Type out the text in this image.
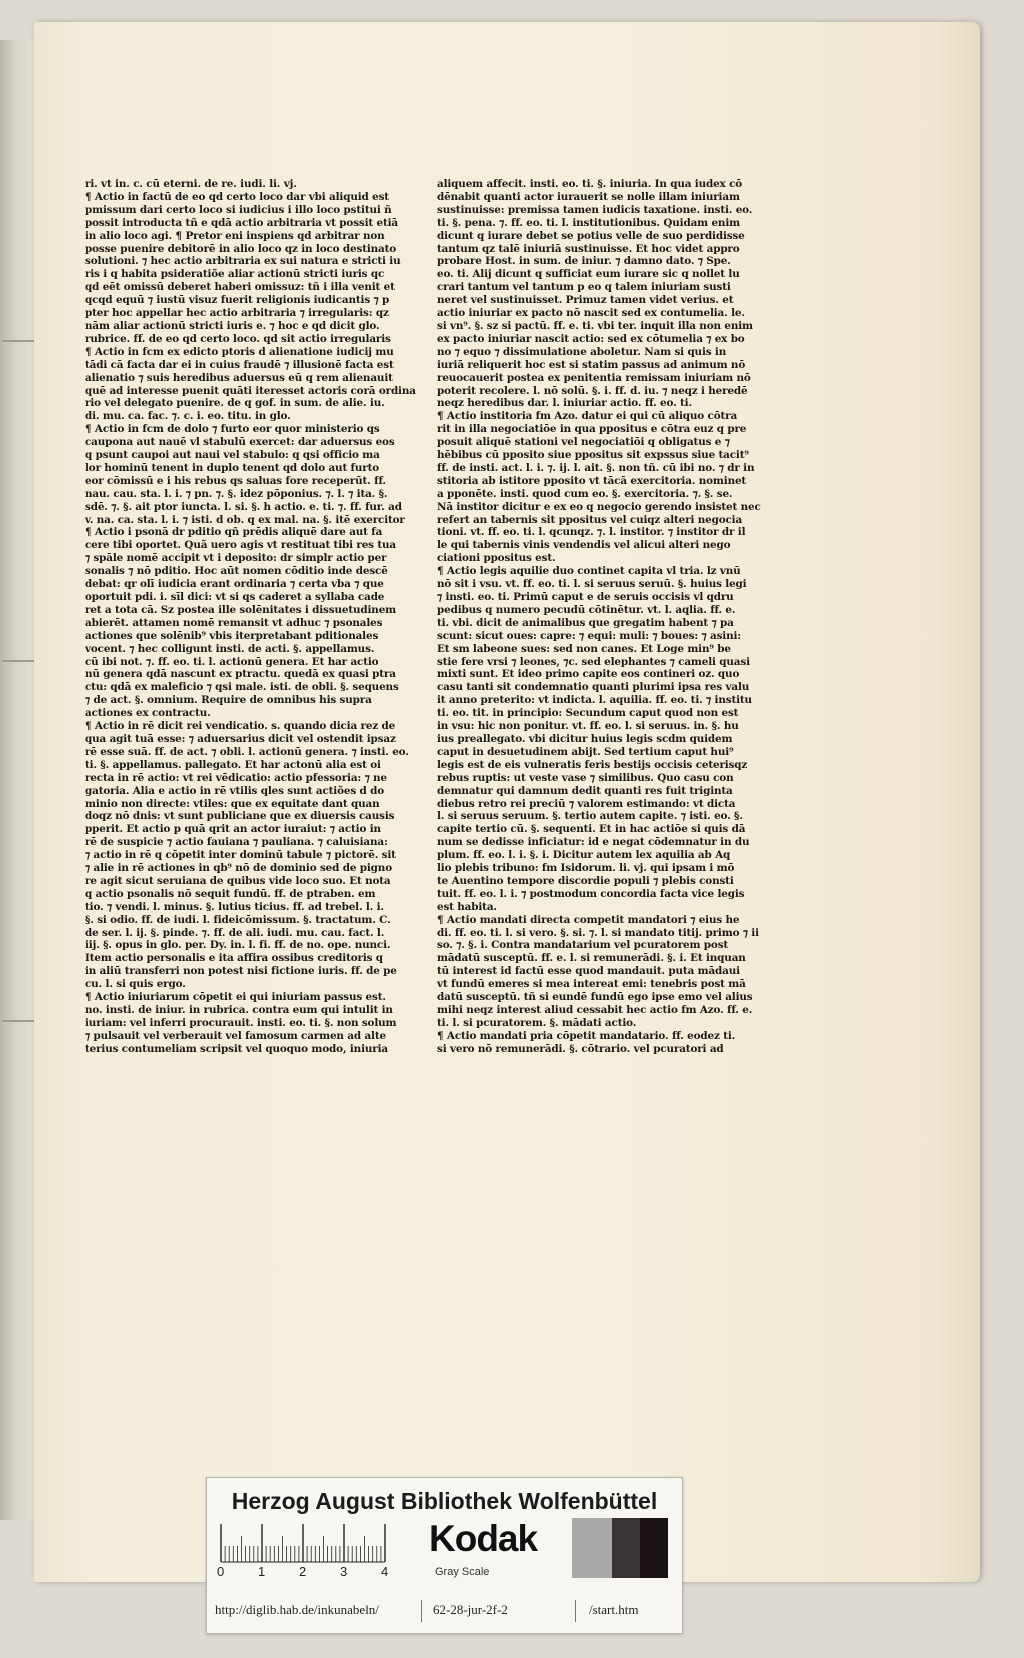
ri. vt in. c. cū eterni. de re. iudi. li. vj.

¶ Actio in factū de eo qd certo loco dar vbi aliquid est

pmissum dari certo loco si iudicius i illo loco pstitui ñ

possit introducta tñ e qdā actio arbitraria vt possit etiā

in alio loco agi. ¶ Pretor eni inspiens qd arbitrar non

posse puenire debitorē in alio loco qz in loco destinato

solutioni. ⁊ hec actio arbitraria ex sui natura e stricti iu

ris i q habita psideratiõe aliar actionū stricti iuris qc

qd eēt omissū deberet haberi omissuz: tñ i illa venit et

qcqd equū ⁊ iustū visuz fuerit religionis iudicantis ⁊ p

pter hoc appellar hec actio arbitraria ⁊ irregularis: qz

nām aliar actionū stricti iuris e. ⁊ hoc e qd dicit glo.

rubrice. ff. de eo qd certo loco. qd sit actio irregularis

¶ Actio in fcm ex edicto ptoris d alienatione iudicij mu

tādi cā facta dar ei in cuius fraudē ⁊ illusionē facta est

alienatio ⁊ suis heredibus aduersus eū q rem alienauit

quē ad interesse puenit quāti iteresset actoris corā ordina

rio vel delegato puenire. de q gof. in sum. de alie. iu.

di. mu. ca. fac. ⁊. c. i. eo. titu. in glo.

¶ Actio in fcm de dolo ⁊ furto eor quor ministerio qs

caupona aut nauē vl stabulū exercet: dar aduersus eos

q psunt caupoi aut naui vel stabulo: q qsi officio ma

lor hominū tenent in duplo tenent qd dolo aut furto

eor cōmissū e i his rebus qs saluas fore receperūt. ff.

nau. cau. sta. l. i. ⁊ pn. ⁊. §. idez pōponius. ⁊. l. ⁊ ita. §.

sdē. ⁊. §. ait ptor iuncta. l. si. §. h actio. e. ti. ⁊. ff. fur. ad

v. na. ca. sta. l. i. ⁊ isti. d ob. q ex mal. na. §. itē exercitor

¶ Actio i psonā dr pditio qñ prēdis aliquē dare aut fa

cere tibi oportet. Quã uero agis vt restituat tibi res tua

⁊ spāle nomē accipit vt i deposito: dr simplr actio per

sonalis ⁊ nō pditio. Hoc aūt nomen cōditio inde descē

debat: qr olī iudicia erant ordinaria ⁊ certa vba ⁊ que

oportuit pdi. i. sīl dici: vt si qs caderet a syllaba cade

ret a tota cā. Sz postea ille solēnitates i dissuetudinem

abierēt. attamen nomē remansit vt adhuc ⁊ psonales

actiones que solēnib⁹ vbis iterpretabant pditionales

vocent. ⁊ hec colligunt insti. de acti. §. appellamus.

cū ibi not. ⁊. ff. eo. ti. l. actionū genera. Et har actio

nū genera qdā nascunt ex ptractu. quedā ex quasi ptra

ctu: qdā ex maleficio ⁊ qsi male. isti. de obli. §. sequens

⁊ de act. §. omnium. Require de omnibus his supra

actiones ex contractu.

¶ Actio in rē dicit rei vendicatio. s. quando dicia rez de

qua agit tuā esse: ⁊ aduersarius dicit vel ostendit ipsaz

rē esse suā. ff. de act. ⁊ obli. l. actionū genera. ⁊ insti. eo.

ti. §. appellamus. pallegato. Et har actonū alia est oi

recta in rē actio: vt rei vēdicatio: actio pfessoria: ⁊ ne

gatoria. Alia e actio in rē vtilis qles sunt actiões d do

minio non directe: vtiles: que ex equitate dant quan

doqz nō dnis: vt sunt publiciane que ex diuersis causis

pperit. Et actio p quā qrit an actor iuraiut: ⁊ actio in

rē de suspicie ⁊ actio fauiana ⁊ pauliana. ⁊ caluisiana:

⁊ actio in rē q cōpetit inter dominū tabule ⁊ pictorē. sit

⁊ alie in rē actiones in qb⁹ nō de dominio sed de pigno

re agit sicut seruiana de quibus vide loco suo. Et nota

q actio psonalis nō sequit fundū. ff. de ptraben. em

tio. ⁊ vendi. l. minus. §. lutius ticius. ff. ad trebel. l. i.

§. si odio. ff. de iudi. l. fideicōmissum. §. tractatum. C.

de ser. l. ij. §. pinde. ⁊. ff. de ali. iudi. mu. cau. fact. l.

iij. §. opus in glo. per. Dy. in. l. fi. ff. de no. ope. nunci.

Item actio personalis e ita affira ossibus creditoris q

in aliū transferri non potest nisi fictione iuris. ff. de pe

cu. l. si quis ergo.

¶ Actio iniuriarum cōpetit ei qui iniuriam passus est.

no. insti. de iniur. in rubrica. contra eum qui intulit in

iuriam: vel inferri procurauit. insti. eo. ti. §. non solum

⁊ pulsauit vel verberauit vel famosum carmen ad alte

terius contumeliam scripsit vel quoquo modo, iniuria

aliquem affecit. insti. eo. ti. §. iniuria. In qua iudex cō

dēnabit quanti actor iurauerit se nolle illam iniuriam

sustinuisse: premissa tamen iudicis taxatione. insti. eo.

ti. §. pena. ⁊. ff. eo. ti. l. institutionibus. Quidam enim

dicunt q iurare debet se potius velle de suo perdidisse

tantum qz talē iniuriā sustinuisse. Et hoc videt appro

probare Host. in sum. de iniur. ⁊ damno dato. ⁊ Spe.

eo. ti. Alij dicunt q sufficiat eum iurare sic q nollet lu

crari tantum vel tantum p eo q talem iniuriam susti

neret vel sustinuisset. Primuz tamen videt verius. et

actio iniuriar ex pacto nō nascit sed ex contumelia. le.

si vn⁹. §. sz si pactū. ff. e. ti. vbi ter. inquit illa non enim

ex pacto iniuriar nascit actio: sed ex cōtumelia ⁊ ex bo

no ⁊ equo ⁊ dissimulatione aboletur. Nam si quis in

iuriā reliquerit hoc est si statim passus ad animum nō

reuocauerit postea ex penitentia remissam iniuriam nō

poterit recolere. l. nō solū. §. i. ff. d. iu. ⁊ neqz i heredē

neqz heredibus dar. l. iniuriar actio. ff. eo. ti.

¶ Actio institoria fm Azo. datur ei qui cū aliquo cōtra

rit in illa negociatiōe in qua ppositus e cōtra euz q pre

posuit aliquē stationi vel negociatiōi q obligatus e ⁊

hēbibus cū pposito siue ppositus sit expssus siue tacit⁹

ff. de insti. act. l. i. ⁊. ij. l. ait. §. non tñ. cū ibi no. ⁊ dr in

stitoria ab istitore pposito vt tācā exercitoria. nominet

a pponēte. insti. quod cum eo. §. exercitoria. ⁊. §. se.

Nā institor dicitur e ex eo q negocio gerendo insistet nec

refert an tabernis sit ppositus vel cuiqz alteri negocia

tioni. vt. ff. eo. ti. l. qcunqz. ⁊. l. institor. ⁊ institor dr il

le qui tabernis vinis vendendis vel alicui alteri nego

ciationi ppositus est.

¶ Actio legis aquilie duo continet capita vl tria. lz vnū

nō sit i vsu. vt. ff. eo. ti. l. si seruus seruū. §. huius legi

⁊ insti. eo. ti. Primū caput e de seruis occisis vl qdru

pedibus q numero pecudū cōtinētur. vt. l. aqlia. ff. e.

ti. vbi. dicit de animalibus que gregatim habent ⁊ pa

scunt: sicut oues: capre: ⁊ equi: muli: ⁊ boues: ⁊ asini:

Et sm labeone sues: sed non canes. Et Loge min⁹ be

stie fere vrsi ⁊ leones, ⁊c. sed elephantes ⁊ cameli quasi

mixti sunt. Et ideo primo capite eos contineri oz. quo

casu tanti sit condemnatio quanti plurimi ipsa res valu

it anno preterito: vt indicta. l. aquilia. ff. eo. ti. ⁊ institu

ti. eo. tit. in principio: Secundum caput quod non est

in vsu: hic non ponitur. vt. ff. eo. l. si seruus. in. §. hu

ius preallegato. vbi dicitur huius legis scdm quidem

caput in desuetudinem abijt. Sed tertium caput hui⁹

legis est de eis vulneratis feris bestijs occisis ceterisqz

rebus ruptis: ut veste vase ⁊ similibus. Quo casu con

demnatur qui damnum dedit quanti res fuit triginta

diebus retro rei preciū ⁊ valorem estimando: vt dicta

l. si seruus seruum. §. tertio autem capite. ⁊ isti. eo. §.

capite tertio cū. §. sequenti. Et in hac actiōe si quis dā

num se dedisse inficiatur: id e negat cōdemnatur in du

plum. ff. eo. l. i. §. i. Dicitur autem lex aquilia ab Aq

lio plebis tribuno: fm Isidorum. li. vj. qui ipsam i mō

te Auentino tempore discordie populi ⁊ plebis consti

tuit. ff. eo. l. i. ⁊ postmodum concordia facta vice legis

est habita.

¶ Actio mandati directa competit mandatori ⁊ eius he

di. ff. eo. ti. l. si vero. §. si. ⁊. l. si mandato titij. primo ⁊ ii

so. ⁊. §. i. Contra mandatarium vel pcuratorem post

mādatū susceptū. ff. e. l. si remunerādi. §. i. Et inquan

tū interest id factū esse quod mandauit. puta mādaui

vt fundū emeres si mea intereat emi: tenebris post mā

datū susceptū. tñ si eundē fundū ego ipse emo vel alius

mihi neqz interest aliud cessabit hec actio fm Azo. ff. e.

ti. l. si pcuratorem. §. mādati actio.

¶ Actio mandati pria cōpetit mandatario. ff. eodez ti.

si vero nō remunerādi. §. cōtrario. vel pcuratori ad

Herzog August Bibliothek Wolfenbüttel
0	1	2	3	4
Kodak
Gray Scale
http://diglib.hab.de/inkunabeln/	62-28-jur-2f-2	/start.htm
